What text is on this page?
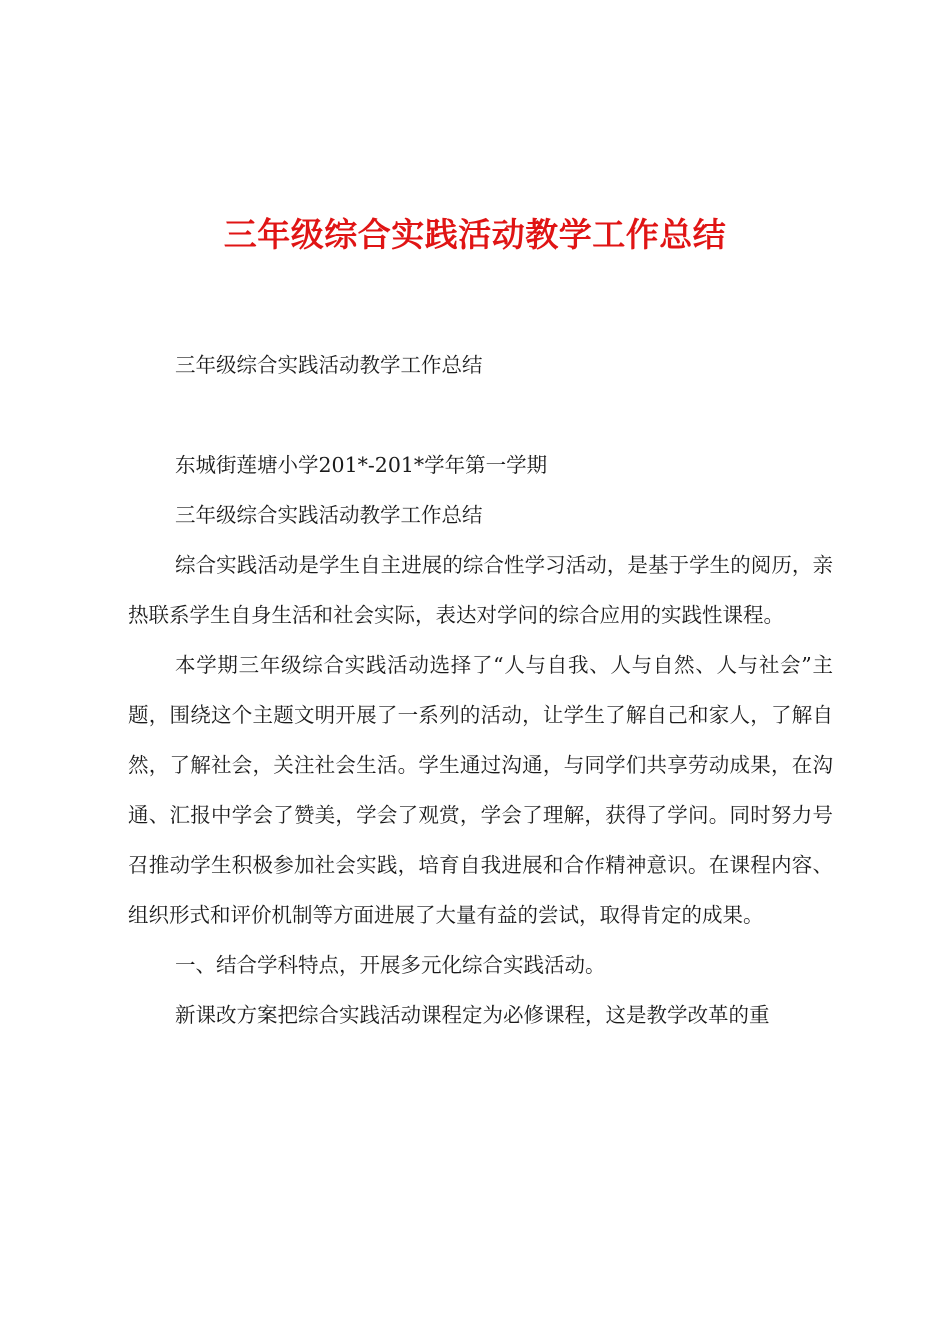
三年级综合实践活动教学工作总结

三年级综合实践活动教学工作总结

东城街莲塘小学201*-201*学年第一学期

三年级综合实践活动教学工作总结

综合实践活动是学生自主进展的综合性学习活动，是基于学生的阅历，亲热联系学生自身生活和社会实际，表达对学问的综合应用的实践性课程。

本学期三年级综合实践活动选择了“人与自我、人与自然、人与社会”主题，围绕这个主题文明开展了一系列的活动，让学生了解自己和家人，了解自然，了解社会，关注社会生活。学生通过沟通，与同学们共享劳动成果，在沟通、汇报中学会了赞美，学会了观赏，学会了理解，获得了学问。同时努力号召推动学生积极参加社会实践，培育自我进展和合作精神意识。在课程内容、组织形式和评价机制等方面进展了大量有益的尝试，取得肯定的成果。

一、结合学科特点，开展多元化综合实践活动。

新课改方案把综合实践活动课程定为必修课程，这是教学改革的重
